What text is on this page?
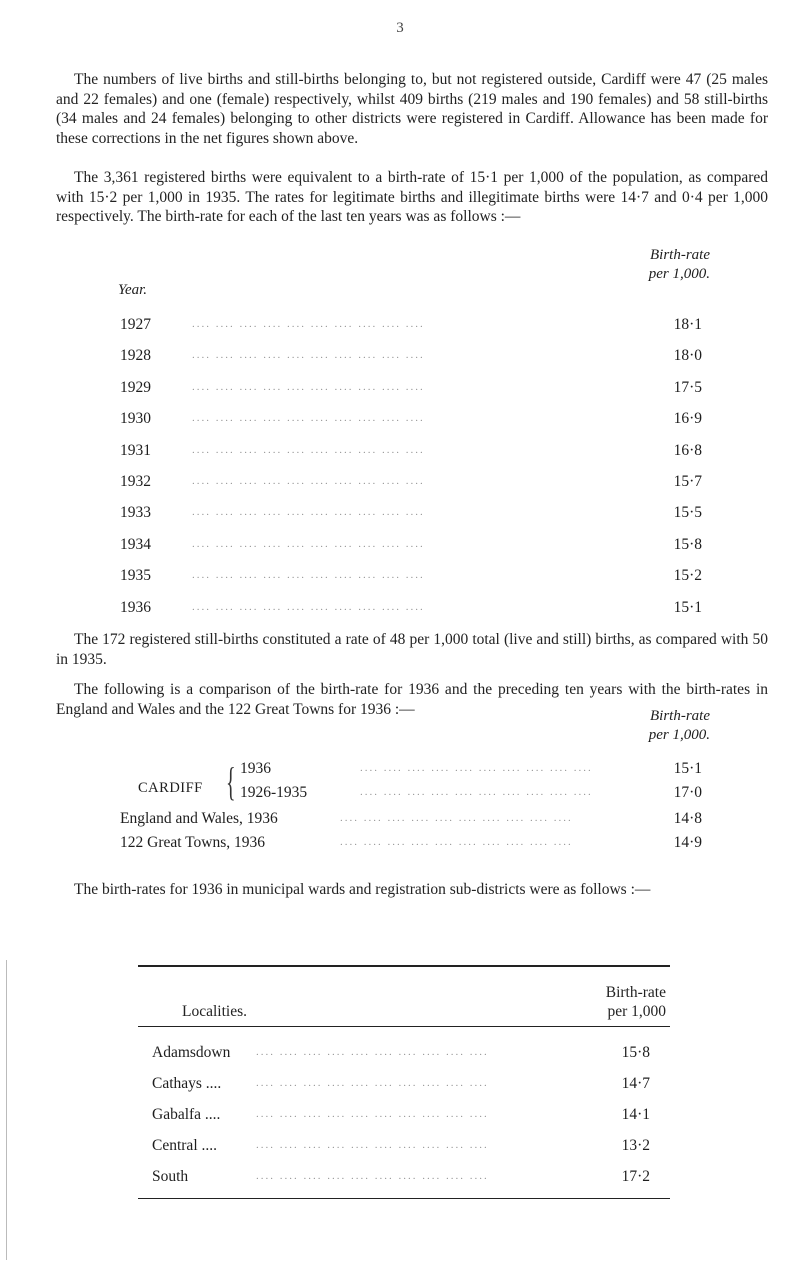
3

The numbers of live births and still-births belonging to, but not registered outside, Cardiff were 47 (25 males and 22 females) and one (female) respectively, whilst 409 births (219 males and 190 females) and 58 still-births (34 males and 24 females) belonging to other districts were registered in Cardiff. Allowance has been made for these corrections in the net figures shown above.

The 3,361 registered births were equivalent to a birth-rate of 15·1 per 1,000 of the population, as compared with 15·2 per 1,000 in 1935. The rates for legitimate births and illegitimate births were 14·7 and 0·4 per 1,000 respectively. The birth-rate for each of the last ten years was as follows :—

Birth-rate
per 1,000.
Year.
1927	.... .... .... .... .... .... .... .... .... ....	18·1
1928	.... .... .... .... .... .... .... .... .... ....	18·0
1929	.... .... .... .... .... .... .... .... .... ....	17·5
1930	.... .... .... .... .... .... .... .... .... ....	16·9
1931	.... .... .... .... .... .... .... .... .... ....	16·8
1932	.... .... .... .... .... .... .... .... .... ....	15·7
1933	.... .... .... .... .... .... .... .... .... ....	15·5
1934	.... .... .... .... .... .... .... .... .... ....	15·8
1935	.... .... .... .... .... .... .... .... .... ....	15·2
1936	.... .... .... .... .... .... .... .... .... ....	15·1

The 172 registered still-births constituted a rate of 48 per 1,000 total (live and still) births, as compared with 50 in 1935.

The following is a comparison of the birth-rate for 1936 and the preceding ten years with the birth-rates in England and Wales and the 122 Great Towns for 1936 :—	Birth-rate
per 1,000.
CARDIFF { 1936	.... .... .... .... .... .... .... .... .... ....	15·1
1926-1935	.... .... .... .... .... .... .... .... .... ....	17·0
England and Wales, 1936	.... .... .... .... .... .... .... .... .... ....	14·8
122 Great Towns, 1936	.... .... .... .... .... .... .... .... .... ....	14·9

The birth-rates for 1936 in municipal wards and registration sub-districts were as follows :—

Localities.
Birth-rate
per 1,000
Adamsdown .... .... .... .... .... .... .... .... .... ....	15·8
Cathays ....	.... .... .... .... .... .... .... .... .... ....	14·7
Gabalfa ....	.... .... .... .... .... .... .... .... .... ....	14·1
Central ....	.... .... .... .... .... .... .... .... .... ....	13·2
South	.... .... .... .... .... .... .... .... .... ....	17·2
